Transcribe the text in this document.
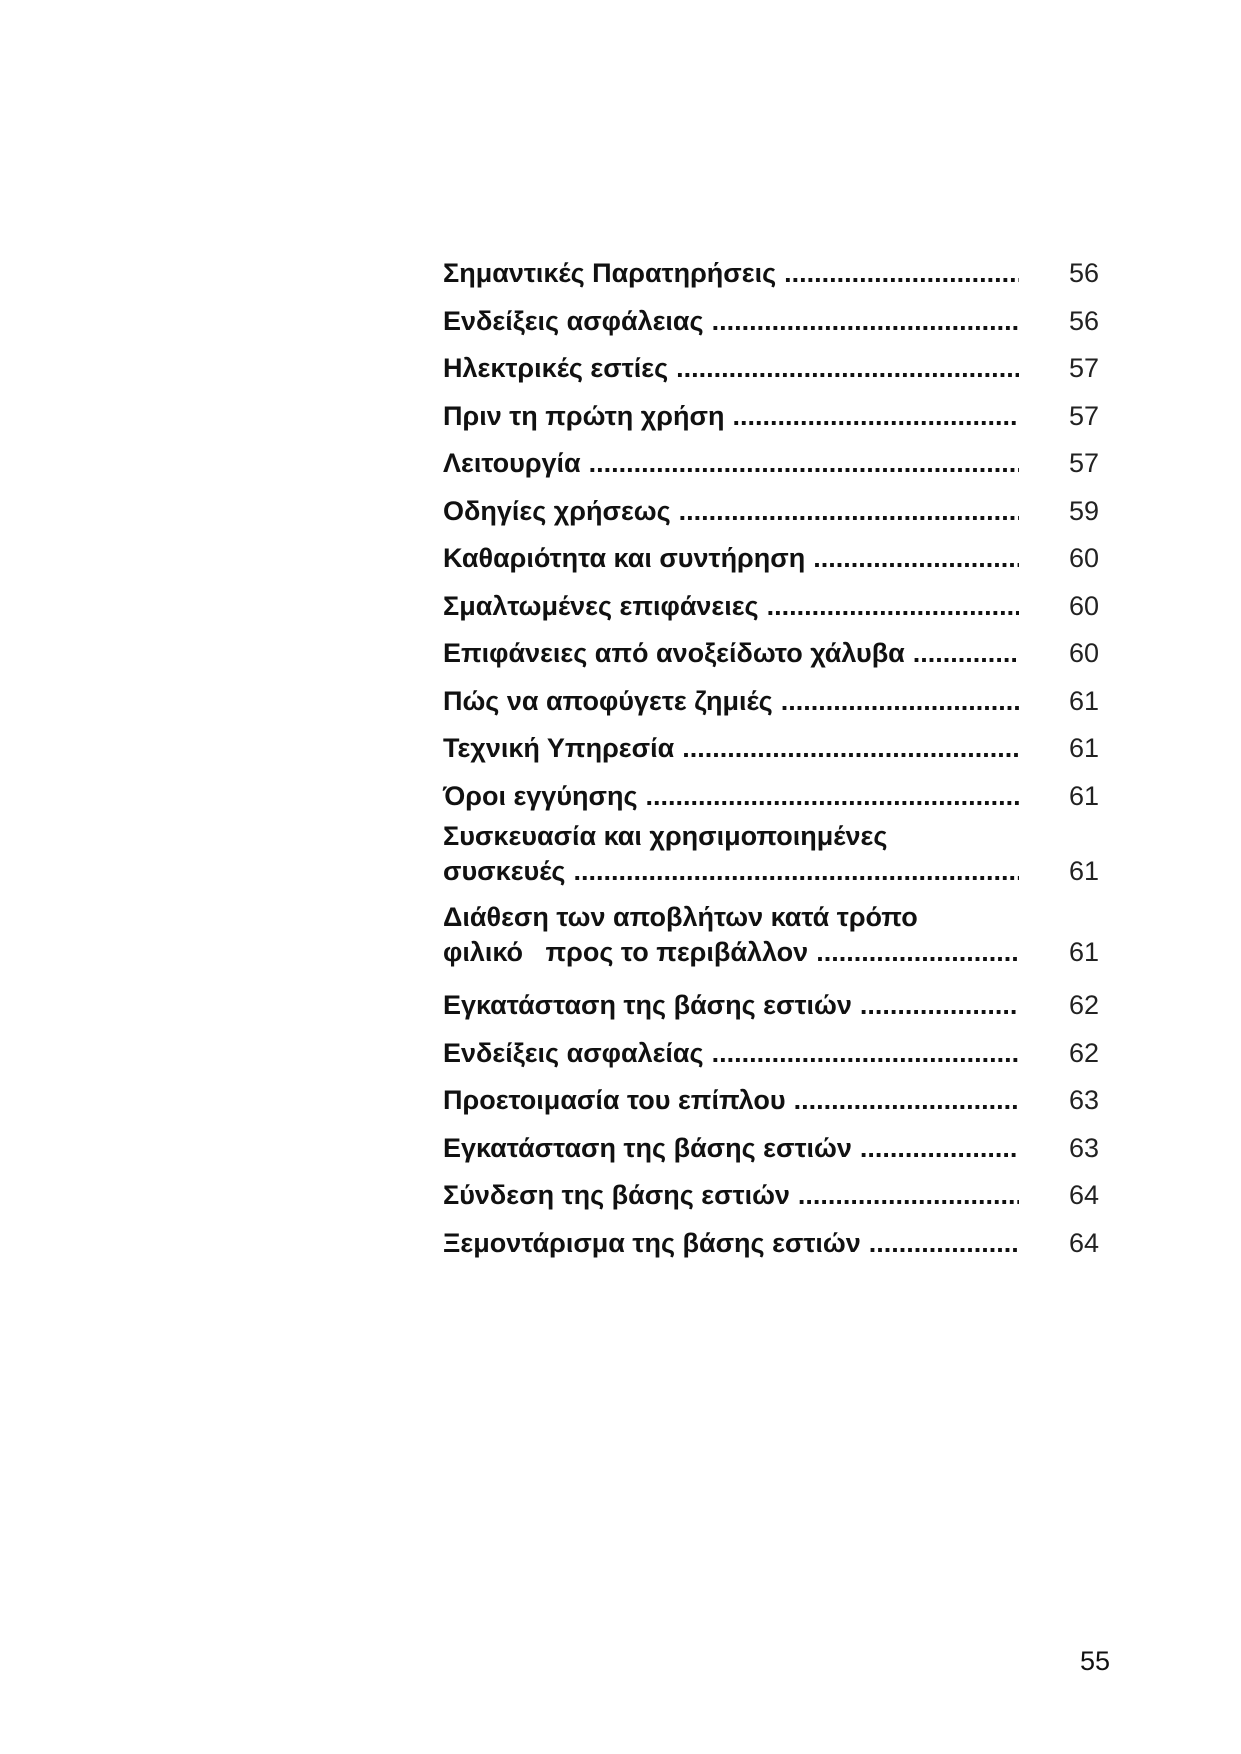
Σημαντικές Παρατηρήσεις .....	56
Ενδείξεις ασφάλειας .....	56
Ηλεκτρικές εστίες .....	57
Πριν τη πρώτη χρήση .....	57
Λειτουργία .....	57
Οδηγίες χρήσεως .....	59
Καθαριότητα και συντήρηση .....	60
Σμαλτωμένες επιφάνειες .....	60
Επιφάνειες από ανοξείδωτο χάλυβα .....	60
Πώς να αποφύγετε ζημιές .....	61
Τεχνική Υπηρεσία .....	61
Όροι εγγύησης .....	61
Συσκευασία και χρησιμοποιημένες
συσκευές .....	61
Διάθεση των αποβλήτων κατά τρόπο
φιλικό   προς το περιβάλλον .....	61
Εγκατάσταση της βάσης εστιών .....	62
Ενδείξεις ασφαλείας .....	62
Προετοιμασία του επίπλου .....	63
Εγκατάσταση της βάσης εστιών .....	63
Σύνδεση της βάσης εστιών .....	64
Ξεμοντάρισμα της βάσης εστιών .....	64
55
